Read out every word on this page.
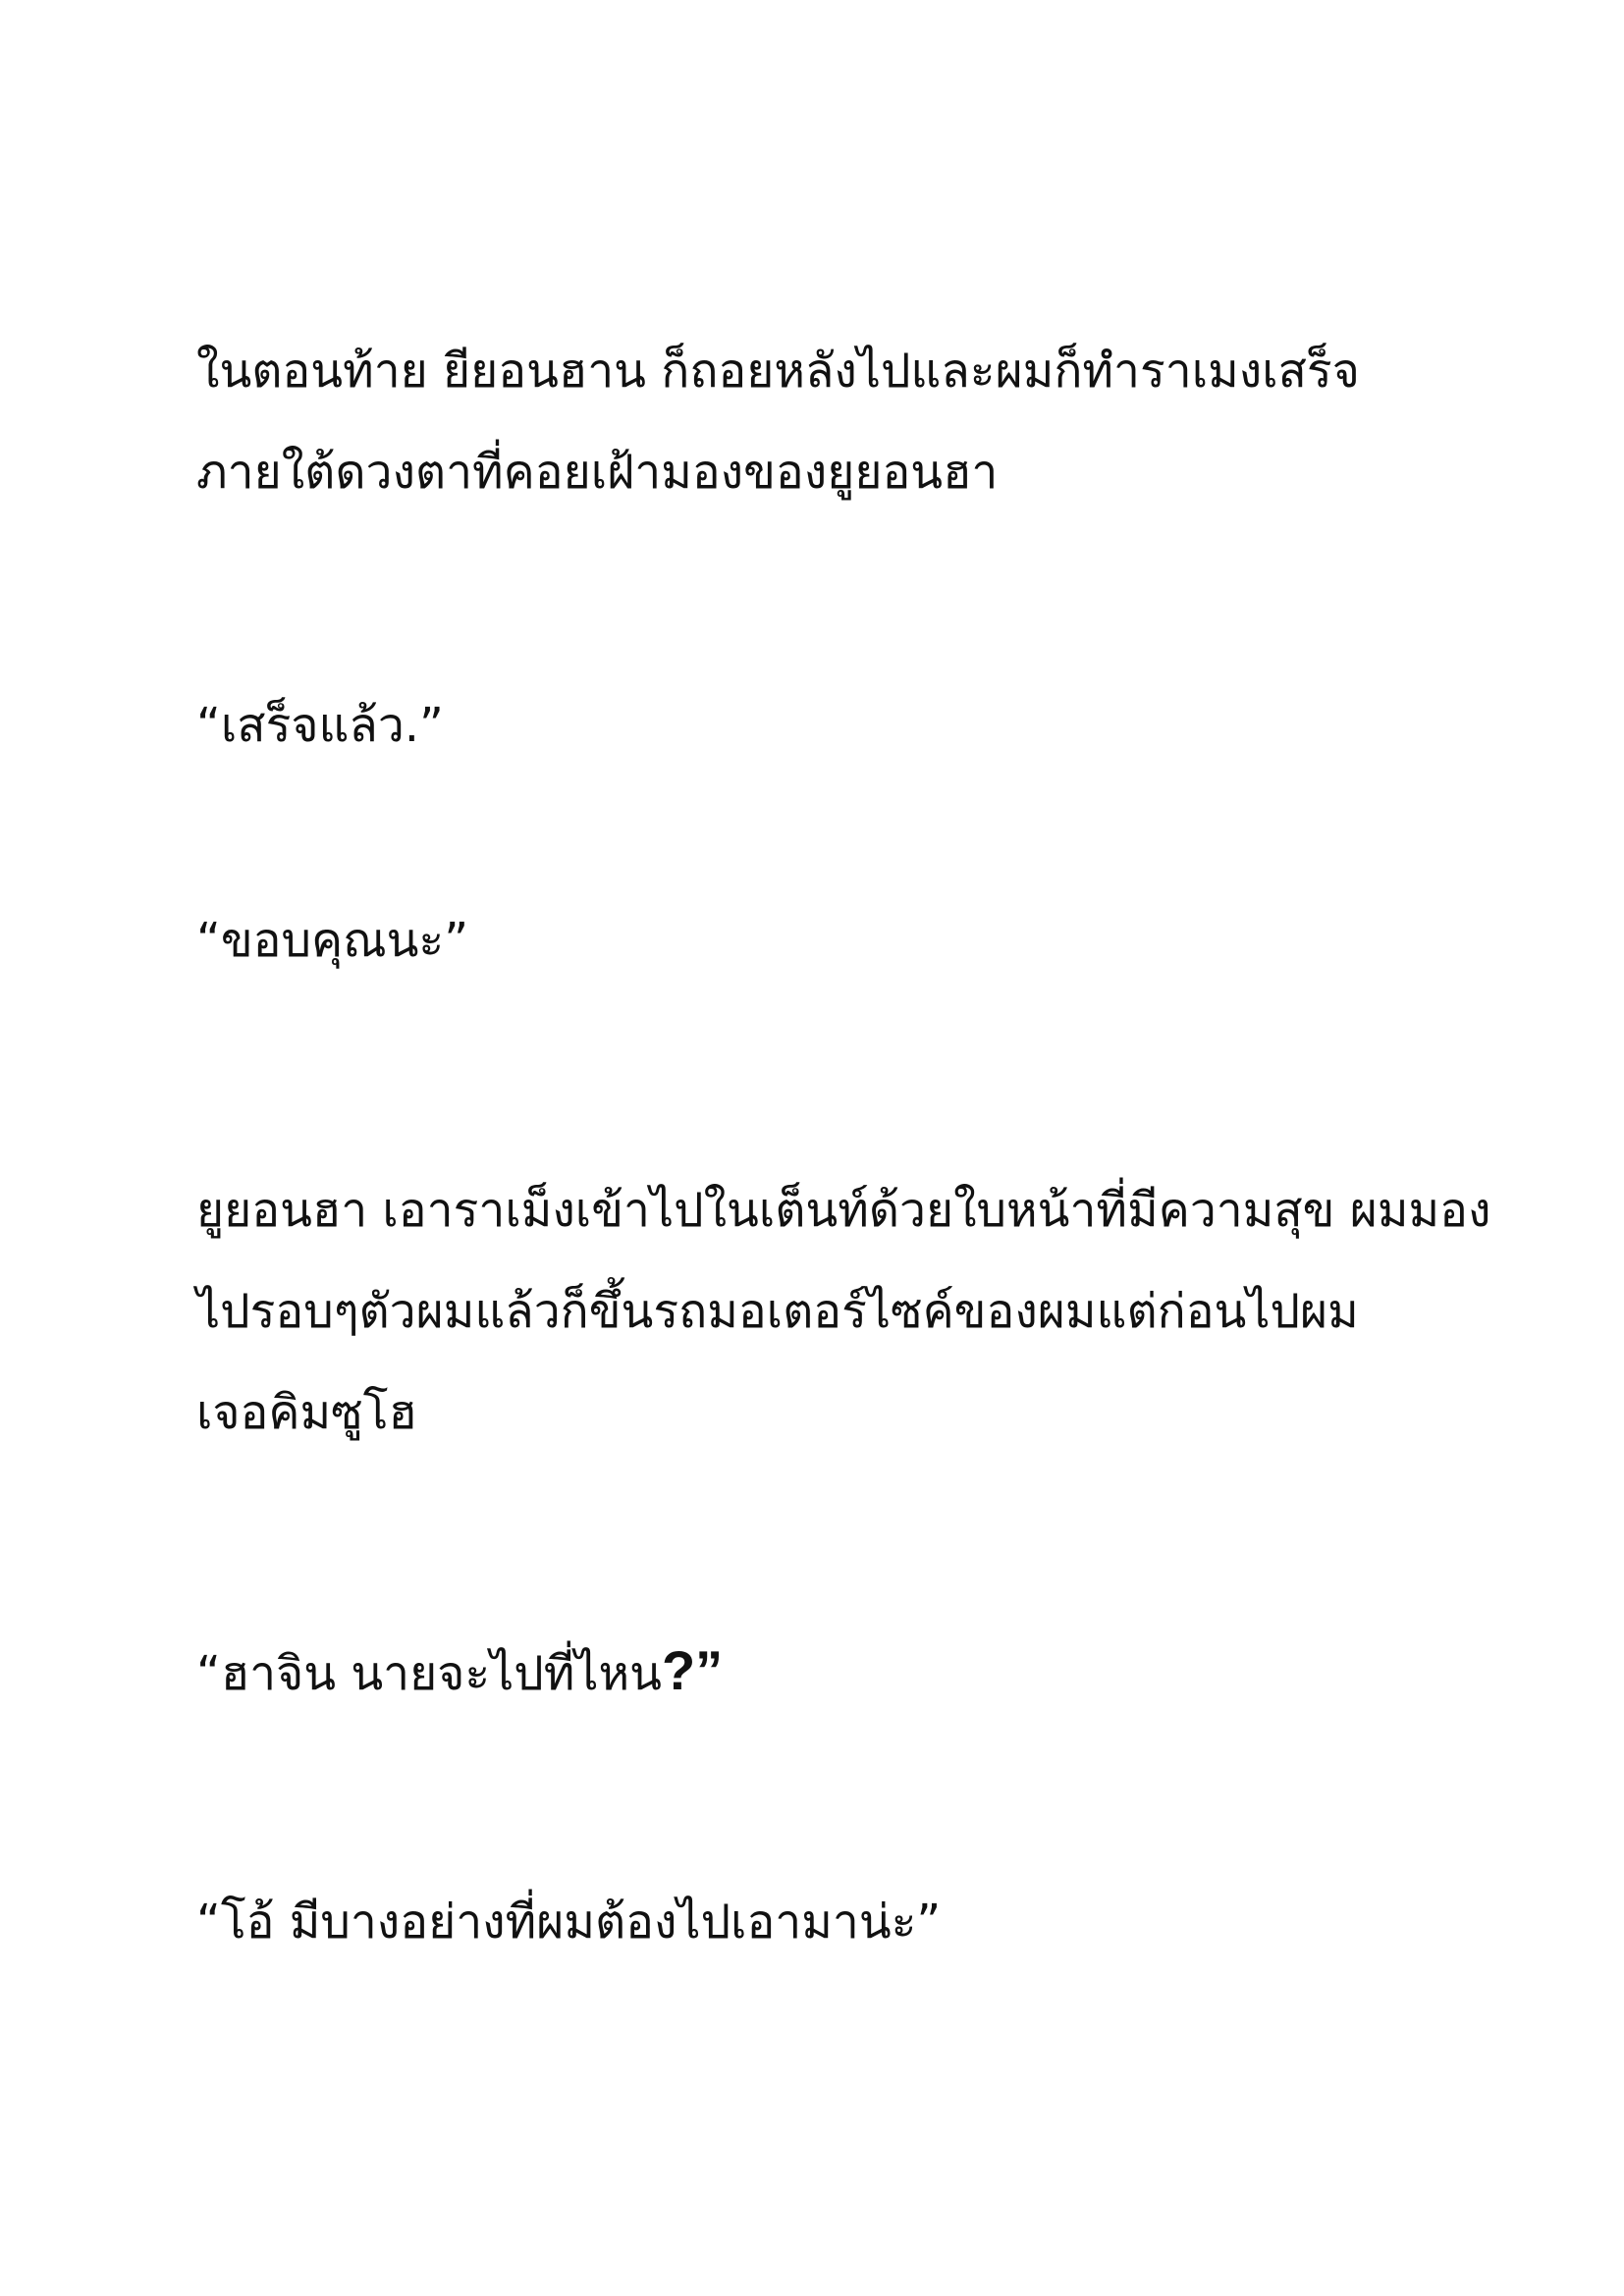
ในตอนท้าย ยียอนฮาน ก็ถอยหลังไปและผมก็ทำราเมงเสร็จ
ภายใต้ดวงตาที่คอยเฝ้ามองของยูยอนฮา

“เสร็จแล้ว.”

“ขอบคุณนะ”

ยูยอนฮา เอาราเม็งเข้าไปในเต็นท์ด้วยใบหน้าที่มีความสุข ผมมอง
ไปรอบๆตัวผมแล้วก็ขึ้นรถมอเตอร์ไซค์ของผมแต่ก่อนไปผม
เจอคิมซูโฮ

“ฮาจิน นายจะไปที่ไหน?”

“โอ้ มีบางอย่างที่ผมต้องไปเอามาน่ะ”
